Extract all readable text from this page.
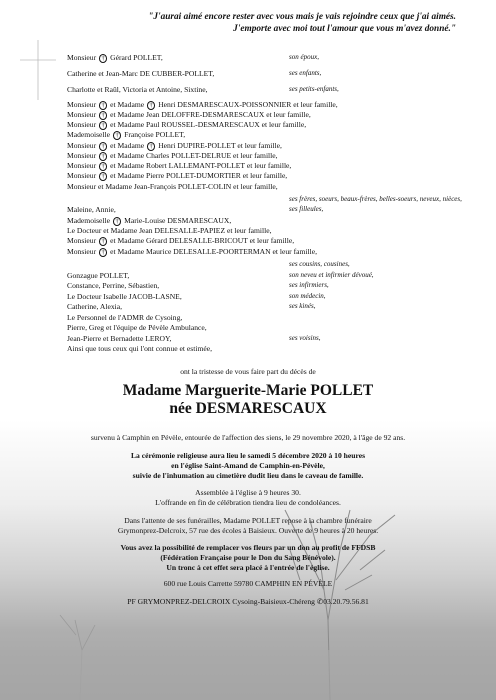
"J'aurai aimé encore rester avec vous mais je vais rejoindre ceux que j'ai aimés.
J'emporte avec moi tout l'amour que vous m'avez donné."
Monsieur † Gérard POLLET,	son époux,
Catherine et Jean-Marc DE CUBBER-POLLET,	ses enfants,
Charlotte et Raûl, Victoria et Antoine, Sixtine,	ses petits-enfants,
Monsieur † et Madame † Henri DESMARESCAUX-POISSONNIER et leur famille,
Monsieur † et Madame Jean DELOFFRE-DESMARESCAUX et leur famille,
Monsieur † et Madame Paul ROUSSEL-DESMARESCAUX et leur famille,
Mademoiselle † Françoise POLLET,
Monsieur † et Madame † Henri DUPIRE-POLLET et leur famille,
Monsieur † et Madame Charles POLLET-DELRUE et leur famille,
Monsieur † et Madame Robert LALLEMANT-POLLET et leur famille,
Monsieur † et Madame Pierre POLLET-DUMORTIER et leur famille,
Monsieur et Madame Jean-François POLLET-COLIN et leur famille,
ses frères, soeurs, beaux-frères, belles-soeurs, neveux, nièces,
Maleine, Annie,	ses filleules,
Mademoiselle † Marie-Louise DESMARESCAUX,
Le Docteur et Madame Jean DELESALLE-PAPIEZ et leur famille,
Monsieur † et Madame Gérard DELESALLE-BRICOUT et leur famille,
Monsieur † et Madame Maurice DELESALLE-POORTERMAN et leur famille,
ses cousins, cousines,
Gonzague POLLET,	son neveu et infirmier dévoué,
Constance, Perrine, Sébastien,	ses infirmiers,
Le Docteur Isabelle JACOB-LASNE,	son médecin,
Catherine, Alexia,	ses kinés,
Le Personnel de l'ADMR de Cysoing,
Pierre, Greg et l'équipe de Pévèle Ambulance,
Jean-Pierre et Bernadette LEROY,	ses voisins,
Ainsi que tous ceux qui l'ont connue et estimée,
ont la tristesse de vous faire part du décès de
Madame Marguerite-Marie POLLET
née DESMARESCAUX
survenu à Camphin en Pévèle, entourée de l'affection des siens, le 29 novembre 2020, à l'âge de 92 ans.
La cérémonie religieuse aura lieu le samedi 5 décembre 2020 à 10 heures
en l'église Saint-Amand de Camphin-en-Pévèle,
suivie de l'inhumation au cimetière dudit lieu dans le caveau de famille.
Assemblée à l'église à 9 heures 30.
L'offrande en fin de célébration tiendra lieu de condoléances.
Dans l'attente de ses funérailles, Madame POLLET repose à la chambre funéraire
Grymonprez-Delcroix, 57 rue des écoles à Baisieux. Ouverte de 9 heures à 20 heures.
Vous avez la possibilité de remplacer vos fleurs par un don au profit de FFDSB
(Fédération Française pour le Don du Sang Bénévole).
Un tronc à cet effet sera placé à l'entrée de l'église.
600 rue Louis Carrette 59780 CAMPHIN EN PÉVÈLE
PF GRYMONPREZ-DELCROIX Cysoing-Baisieux-Chéreng ✆03.20.79.56.81
